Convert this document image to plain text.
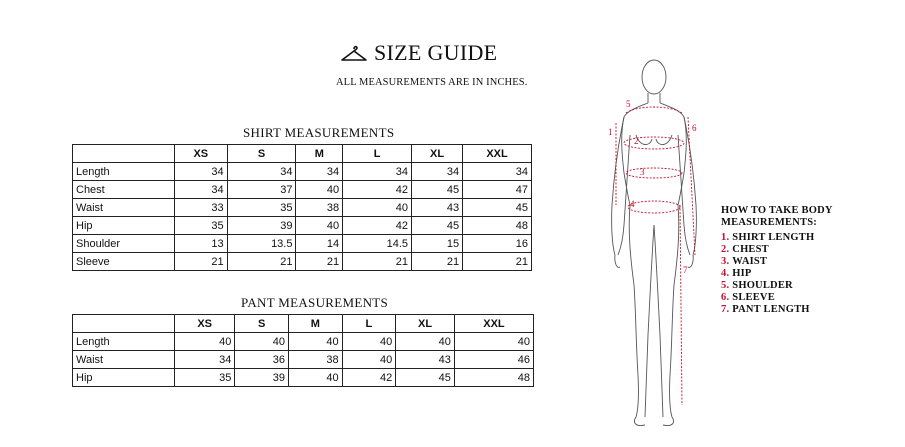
SIZE GUIDE
ALL MEASUREMENTS ARE IN INCHES.
SHIRT MEASUREMENTS
	XS	S	M	L	XL	XXL
Length	34	34	34	34	34	34
Chest	34	37	40	42	45	47
Waist	33	35	38	40	43	45
Hip	35	39	40	42	45	48
Shoulder	13	13.5	14	14.5	15	16
Sleeve	21	21	21	21	21	21
PANT MEASUREMENTS
	XS	S	M	L	XL	XXL
Length	40	40	40	40	40	40
Waist	34	36	38	40	43	46
Hip	35	39	40	42	45	48
1
2
3
4
5
6
7
HOW TO TAKE BODY
MEASUREMENTS:
1. SHIRT LENGTH
2. CHEST
3. WAIST
4. HIP
5. SHOULDER
6. SLEEVE
7. PANT LENGTH
